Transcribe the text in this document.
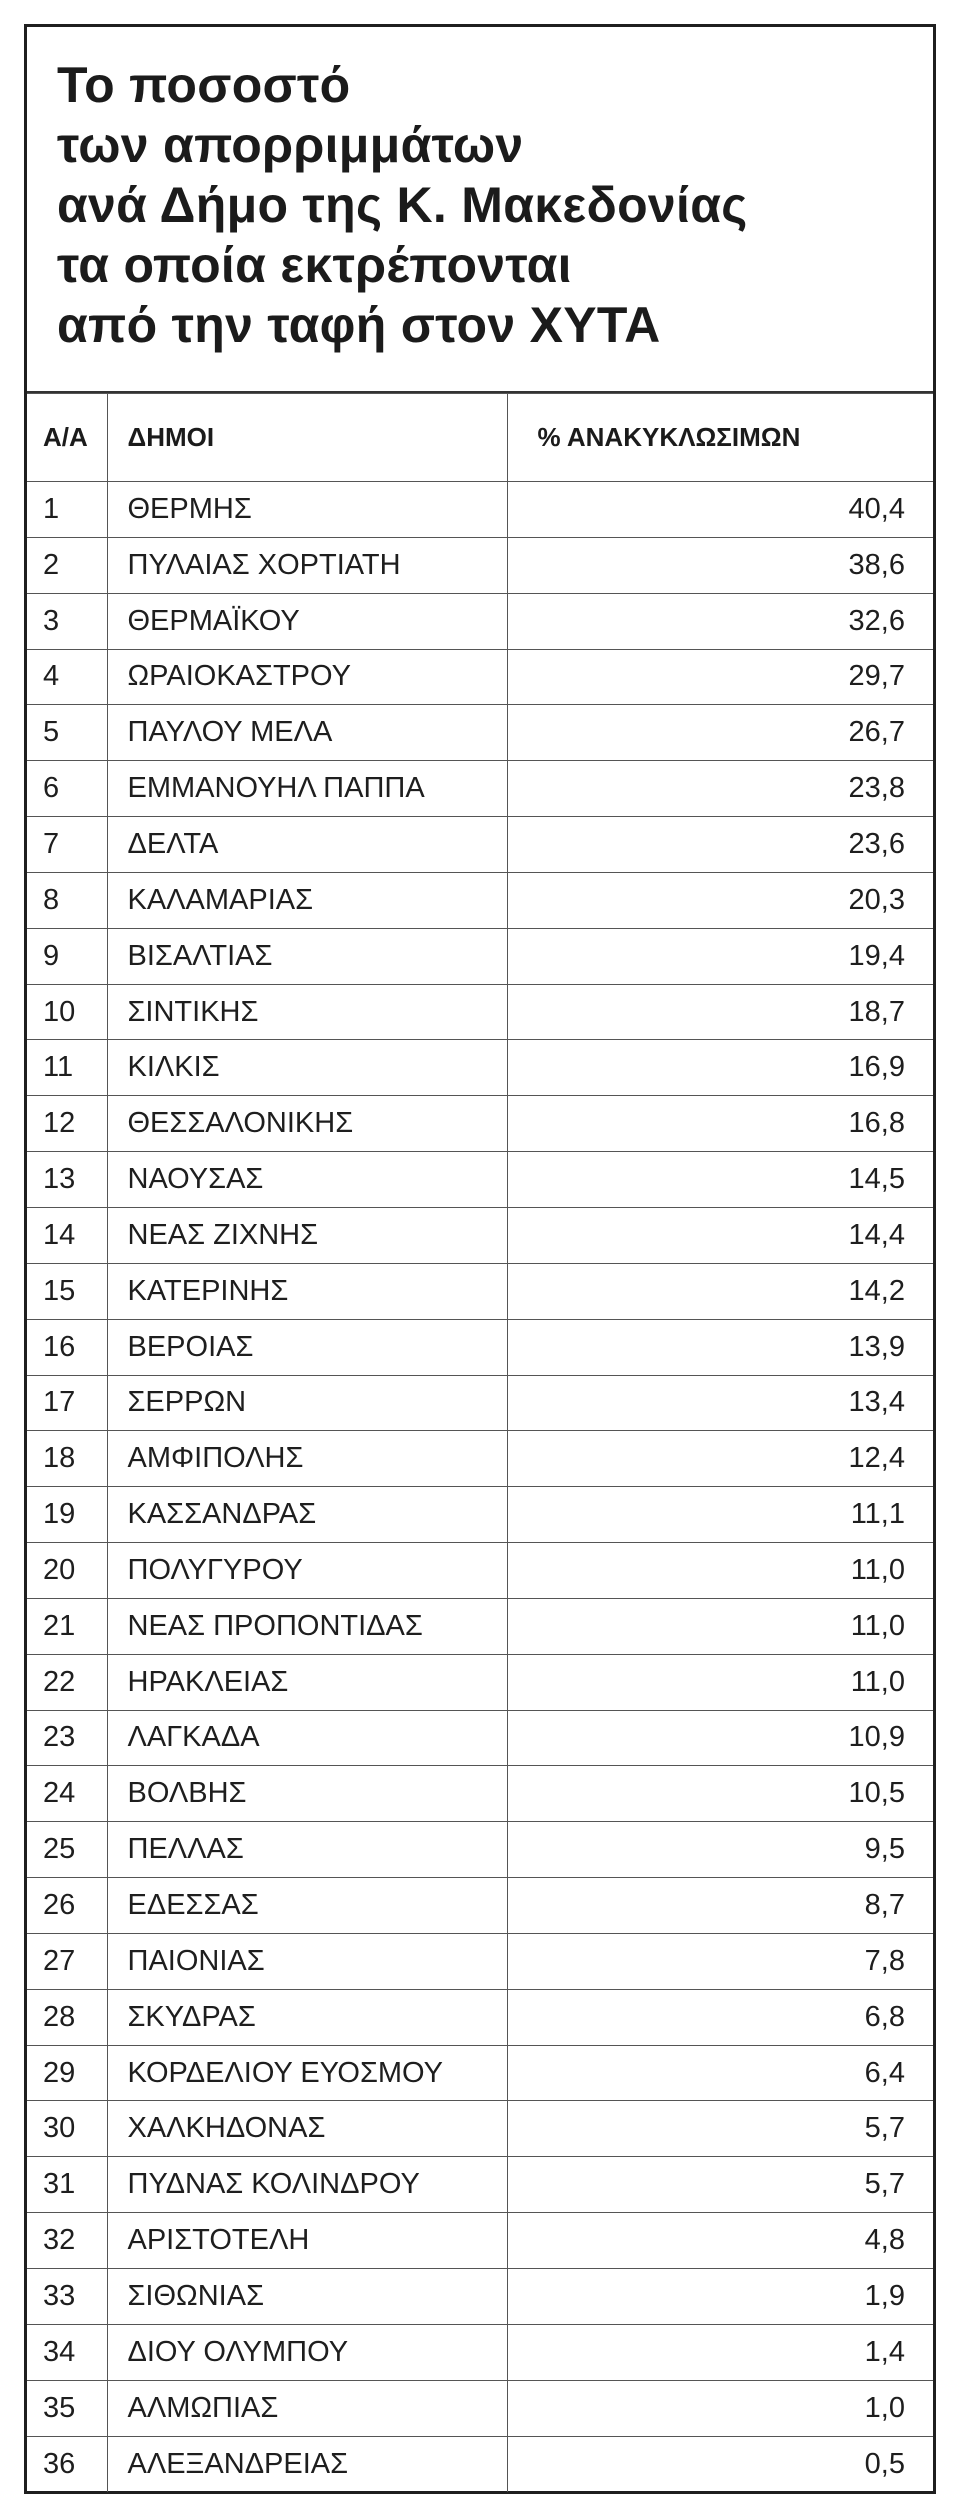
Το ποσοστό
των απορριμμάτων
ανά Δήμο της Κ. Μακεδονίας
τα οποία εκτρέπονται
από την ταφή στον ΧΥΤΑ
Α/Α	ΔΗΜΟΙ	% ΑΝΑΚΥΚΛΩΣΙΜΩΝ
1	ΘΕΡΜΗΣ	40,4
2	ΠΥΛΑΙΑΣ ΧΟΡΤΙΑΤΗ	38,6
3	ΘΕΡΜΑΪΚΟΥ	32,6
4	ΩΡΑΙΟΚΑΣΤΡΟΥ	29,7
5	ΠΑΥΛΟΥ ΜΕΛΑ	26,7
6	ΕΜΜΑΝΟΥΗΛ ΠΑΠΠΑ	23,8
7	ΔΕΛΤΑ	23,6
8	ΚΑΛΑΜΑΡΙΑΣ	20,3
9	ΒΙΣΑΛΤΙΑΣ	19,4
10	ΣΙΝΤΙΚΗΣ	18,7
11	ΚΙΛΚΙΣ	16,9
12	ΘΕΣΣΑΛΟΝΙΚΗΣ	16,8
13	ΝΑΟΥΣΑΣ	14,5
14	ΝΕΑΣ ΖΙΧΝΗΣ	14,4
15	ΚΑΤΕΡΙΝΗΣ	14,2
16	ΒΕΡΟΙΑΣ	13,9
17	ΣΕΡΡΩΝ	13,4
18	ΑΜΦΙΠΟΛΗΣ	12,4
19	ΚΑΣΣΑΝΔΡΑΣ	11,1
20	ΠΟΛΥΓΥΡΟΥ	11,0
21	ΝΕΑΣ ΠΡΟΠΟΝΤΙΔΑΣ	11,0
22	ΗΡΑΚΛΕΙΑΣ	11,0
23	ΛΑΓΚΑΔΑ	10,9
24	ΒΟΛΒΗΣ	10,5
25	ΠΕΛΛΑΣ	9,5
26	ΕΔΕΣΣΑΣ	8,7
27	ΠΑΙΟΝΙΑΣ	7,8
28	ΣΚΥΔΡΑΣ	6,8
29	ΚΟΡΔΕΛΙΟΥ ΕΥΟΣΜΟΥ	6,4
30	ΧΑΛΚΗΔΟΝΑΣ	5,7
31	ΠΥΔΝΑΣ ΚΟΛΙΝΔΡΟΥ	5,7
32	ΑΡΙΣΤΟΤΕΛΗ	4,8
33	ΣΙΘΩΝΙΑΣ	1,9
34	ΔΙΟΥ ΟΛΥΜΠΟΥ	1,4
35	ΑΛΜΩΠΙΑΣ	1,0
36	ΑΛΕΞΑΝΔΡΕΙΑΣ	0,5
